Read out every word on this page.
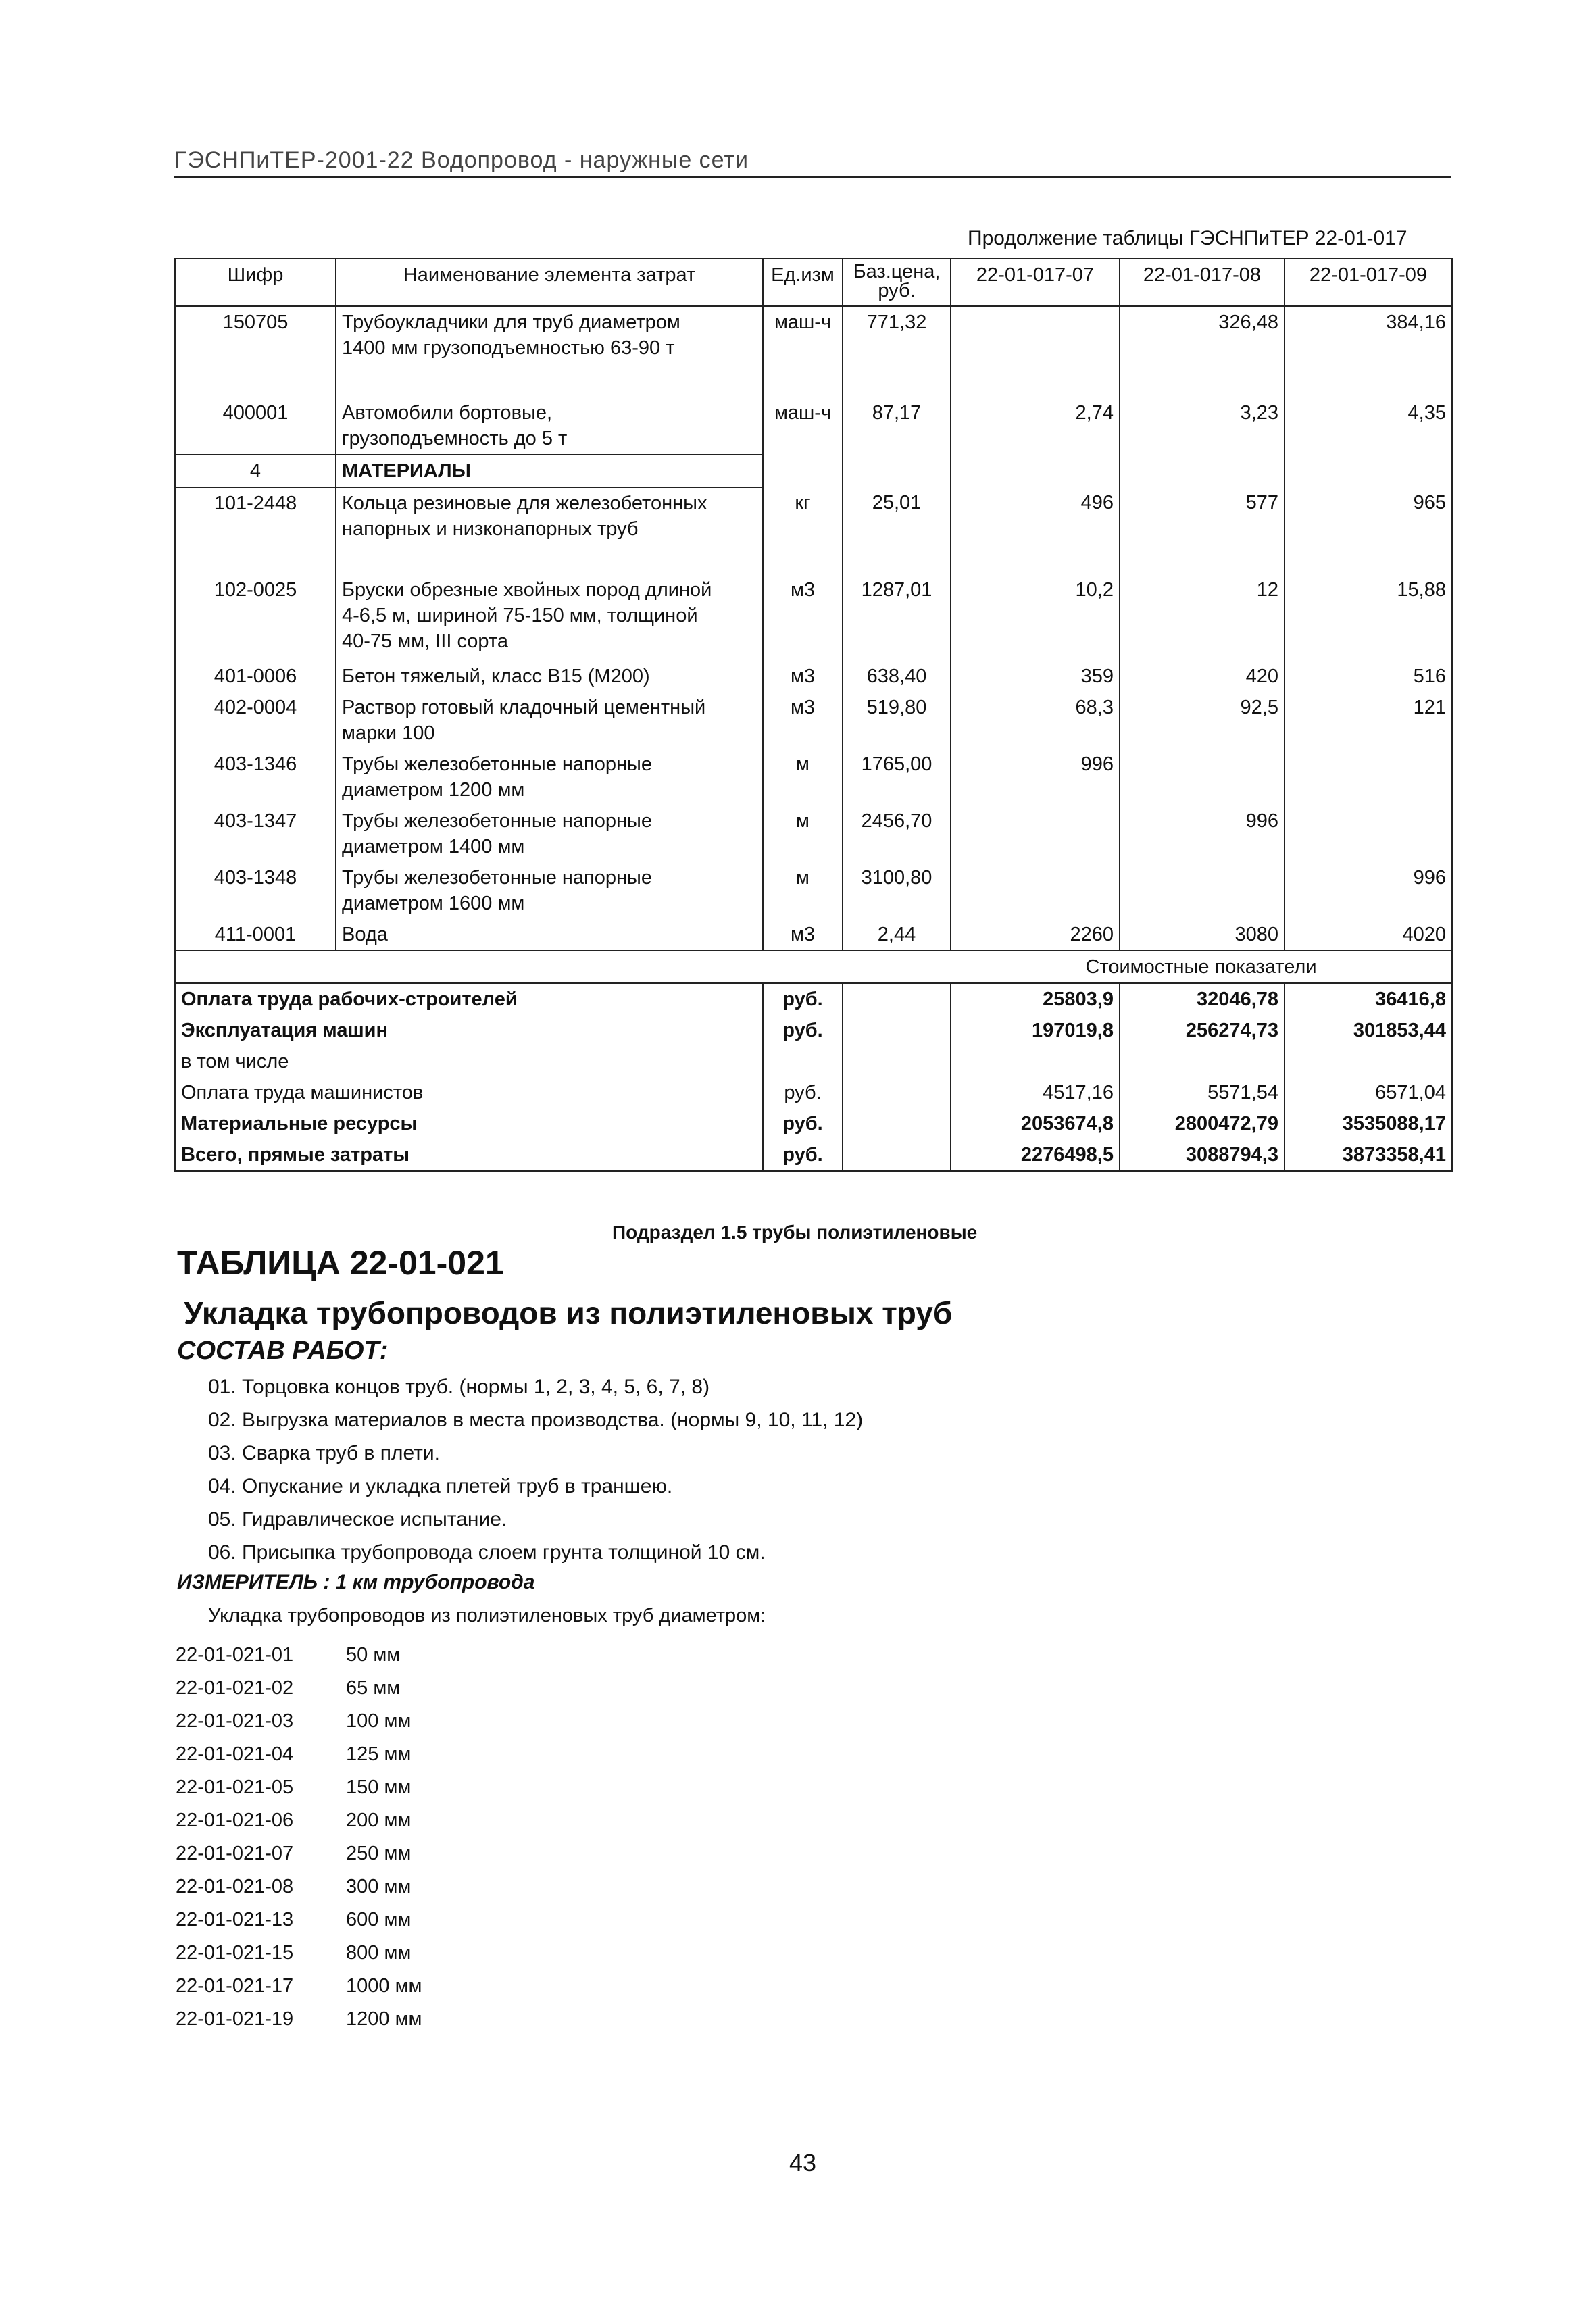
ГЭСНПиТЕР-2001-22 Водопровод - наружные сети
Продолжение таблицы ГЭСНПиТЕР 22-01-017
Шифр	Наименование элемента затрат	Ед.изм	Баз.цена, руб.	22-01-017-07	22-01-017-08	22-01-017-09
150705	Трубоукладчики для труб диаметром
1400 мм грузоподъемностью 63-90 т	маш-ч	771,32		326,48	384,16
400001	Автомобили бортовые,
грузоподъемность до 5 т	маш-ч	87,17	2,74	3,23	4,35
4	МАТЕРИАЛЫ					
101-2448	Кольца резиновые для железобетонных
напорных и низконапорных труб	кг	25,01	496	577	965
102-0025	Бруски обрезные хвойных пород длиной
4-6,5 м, шириной 75-150 мм, толщиной
40-75 мм, III сорта	м3	1287,01	10,2	12	15,88
401-0006	Бетон тяжелый, класс В15 (М200)	м3	638,40	359	420	516
402-0004	Раствор готовый кладочный цементный
марки 100	м3	519,80	68,3	92,5	121
403-1346	Трубы железобетонные напорные
диаметром 1200 мм	м	1765,00	996		
403-1347	Трубы железобетонные напорные
диаметром 1400 мм	м	2456,70		996	
403-1348	Трубы железобетонные напорные
диаметром 1600 мм	м	3100,80			996
411-0001	Вода	м3	2,44	2260	3080	4020
				Стоимостные показатели		
Оплата труда рабочих-строителей		руб.		25803,9	32046,78	36416,8
Эксплуатация машин		руб.		197019,8	256274,73	301853,44
в том числе						
Оплата труда машинистов		руб.		4517,16	5571,54	6571,04
Материальные ресурсы		руб.		2053674,8	2800472,79	3535088,17
Всего, прямые затраты		руб.		2276498,5	3088794,3	3873358,41
Подраздел 1.5 трубы полиэтиленовые
ТАБЛИЦА 22-01-021
Укладка трубопроводов из полиэтиленовых труб
СОСТАВ РАБОТ:
01. Торцовка концов труб. (нормы 1, 2, 3, 4, 5, 6, 7, 8)
02. Выгрузка материалов в места производства. (нормы 9, 10, 11, 12)
03. Сварка труб в плети.
04. Опускание и укладка плетей труб в траншею.
05. Гидравлическое испытание.
06. Присыпка трубопровода слоем грунта толщиной 10 см.
ИЗМЕРИТЕЛЬ : 1 км трубопровода
Укладка трубопроводов из полиэтиленовых труб диаметром:
22-01-021-01	50 мм
22-01-021-02	65 мм
22-01-021-03	100 мм
22-01-021-04	125 мм
22-01-021-05	150 мм
22-01-021-06	200 мм
22-01-021-07	250 мм
22-01-021-08	300 мм
22-01-021-13	600 мм
22-01-021-15	800 мм
22-01-021-17	1000 мм
22-01-021-19	1200 мм
43
